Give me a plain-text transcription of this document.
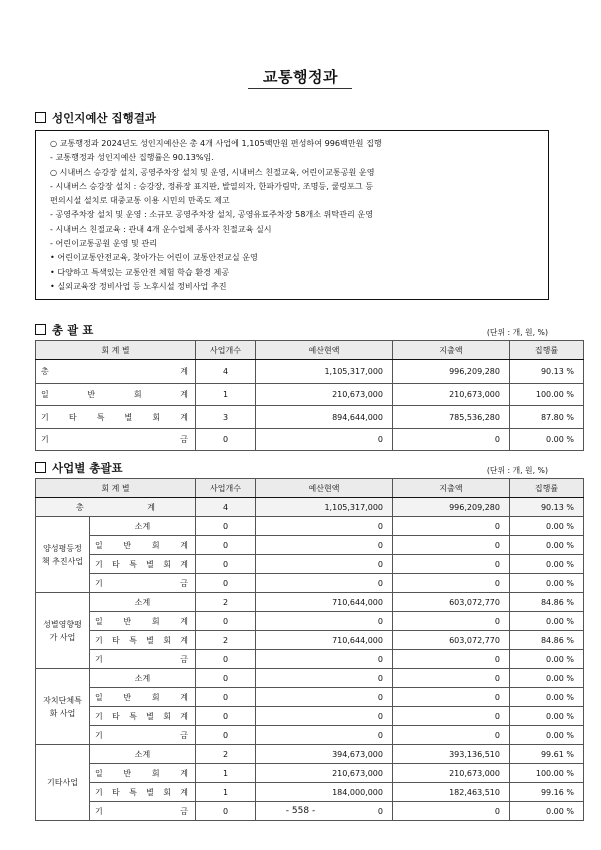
교통행정과
성인지예산 집행결과
○ 교통행정과 2024년도 성인지예산은 총 4개 사업에 1,105백만원 편성하여 996백만원 집행
- 교통행정과 성인지예산 집행률은 90.13%임.
○ 시내버스 승강장 설치, 공영주차장 설치 및 운영, 시내버스 친절교육, 어린이교통공원 운영
- 시내버스 승강장 설치 : 승강장, 정류장 표지판, 발열의자, 한파가림막, 조명등, 쿨링포그 등
편의시설 설치로 대중교통 이용 시민의 만족도 제고
- 공영주차장 설치 및 운영 : 소규모 공영주차장 설치, 공영유료주차장 58개소 위탁관리 운영
- 시내버스 친절교육 : 관내 4개 운수업체 종사자 친절교육 실시
- 어린이교통공원 운영 및 관리
• 어린이교통안전교육, 찾아가는 어린이 교통안전교실 운영
• 다양하고 특색있는 교통안전 체험 학습 환경 제공
• 실외교육장 정비사업 등 노후시설 정비사업 추진
총 괄 표	(단위 : 개, 원, %)
회 계 별	사업개수	예산현액	지출액	집행률
총 계	4	1,105,317,000	996,209,280	90.13 %
일 반 회 계	1	210,673,000	210,673,000	100.00 %
기 타 특 별 회 계	3	894,644,000	785,536,280	87.80 %
기 금	0	0	0	0.00 %
사업별 총괄표	(단위 : 개, 원, %)
회 계 별		사업개수	예산현액	지출액	집행률
총 계		4	1,105,317,000	996,209,280	90.13 %
양성평등정책 추진사업	소계	0	0	0	0.00 %
	일 반 회 계	0	0	0	0.00 %
	기 타 특 별 회 계	0	0	0	0.00 %
	기 금	0	0	0	0.00 %
성별영향평가 사업	소계	2	710,644,000	603,072,770	84.86 %
	일 반 회 계	0	0	0	0.00 %
	기 타 특 별 회 계	2	710,644,000	603,072,770	84.86 %
	기 금	0	0	0	0.00 %
자치단체특화 사업	소계	0	0	0	0.00 %
	일 반 회 계	0	0	0	0.00 %
	기 타 특 별 회 계	0	0	0	0.00 %
	기 금	0	0	0	0.00 %
기타사업	소계	2	394,673,000	393,136,510	99.61 %
	일 반 회 계	1	210,673,000	210,673,000	100.00 %
	기 타 특 별 회 계	1	184,000,000	182,463,510	99.16 %
	기 금	0	0	0	0.00 %
- 558 -
